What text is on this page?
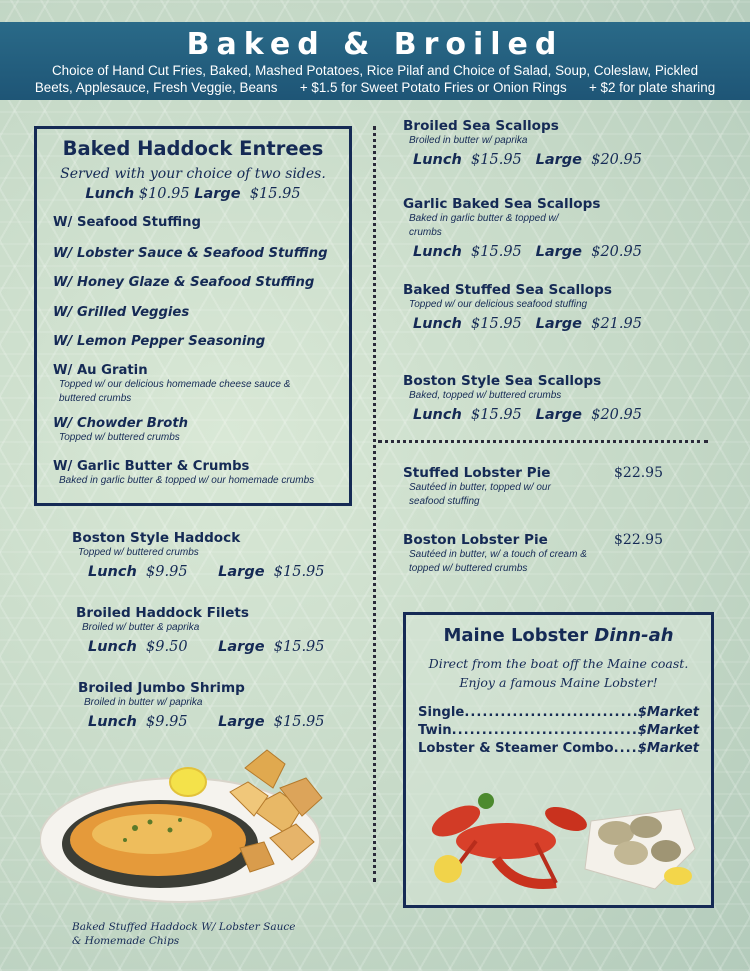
Baked & Broiled
Choice of Hand Cut Fries, Baked, Mashed Potatoes, Rice Pilaf and Choice of Salad, Soup, Coleslaw, Pickled
Beets, Applesauce, Fresh Veggie, Beans + $1.5 for Sweet Potato Fries or Onion Rings + $2 for plate sharing
Baked Haddock Entrees
Served with your choice of two sides.
Lunch $10.95 Large $15.95
W/ Seafood Stuffing
W/ Lobster Sauce & Seafood Stuffing
W/ Honey Glaze & Seafood Stuffing
W/ Grilled Veggies
W/ Lemon Pepper Seasoning
W/ Au Gratin
Topped w/ our delicious homemade cheese sauce & buttered crumbs
W/ Chowder Broth
Topped w/ buttered crumbs
W/ Garlic Butter & Crumbs
Baked in garlic butter & topped w/ our homemade crumbs
Boston Style Haddock
Topped w/ buttered crumbs
Lunch $9.95 Large $15.95
Broiled Haddock Filets
Broiled w/ butter & paprika
Lunch $9.50 Large $15.95
Broiled Jumbo Shrimp
Broiled in butter w/ paprika
Lunch $9.95 Large $15.95
Baked Stuffed Haddock W/ Lobster Sauce
& Homemade Chips
Broiled Sea Scallops
Broiled in butter w/ paprika
Lunch $15.95 Large $20.95
Garlic Baked Sea Scallops
Baked in garlic butter & topped w/ crumbs
Lunch $15.95 Large $20.95
Baked Stuffed Sea Scallops
Topped w/ our delicious seafood stuffing
Lunch $15.95 Large $21.95
Boston Style Sea Scallops
Baked, topped w/ buttered crumbs
Lunch $15.95 Large $20.95
Stuffed Lobster Pie
Sautéed in butter, topped w/ our seafood stuffing
$22.95
Boston Lobster Pie
Sautéed in butter, w/ a touch of cream & topped w/ buttered crumbs
$22.95
Maine Lobster Dinn-ah
Direct from the boat off the Maine coast.
Enjoy a famous Maine Lobster!
Single .....	$Market
Twin .....	$Market
Lobster & Steamer Combo ..... $Market
